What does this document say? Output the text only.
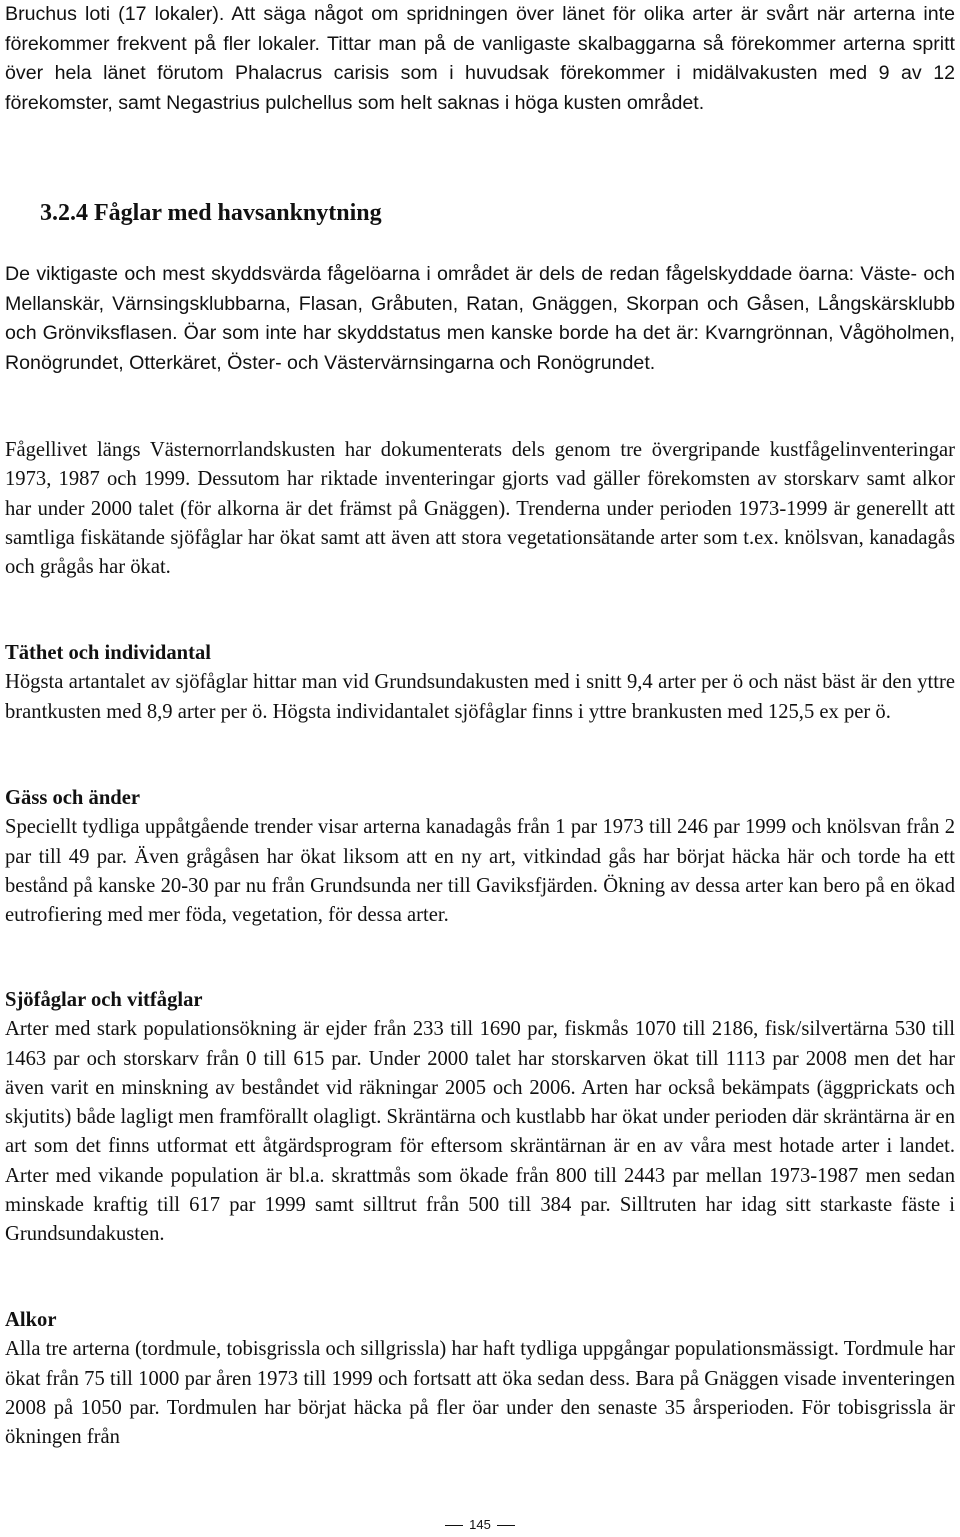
Bruchus loti (17 lokaler). Att säga något om spridningen över länet för olika arter är svårt när arterna inte förekommer frekvent på fler lokaler. Tittar man på de vanligaste skalbaggarna så förekommer arterna spritt över hela länet förutom Phalacrus carisis som i huvudsak förekommer i midälvakusten med 9 av 12 förekomster, samt Negastrius pulchellus som helt saknas i höga kusten området.

3.2.4 Fåglar med havsanknytning

De viktigaste och mest skyddsvärda fågelöarna i området är dels de redan fågelskyddade öarna: Väste- och Mellanskär, Värnsingsklubbarna, Flasan, Gråbuten, Ratan, Gnäggen, Skorpan och Gåsen, Långskärsklubb och Grönviksflasen. Öar som inte har skyddstatus men kanske borde ha det är: Kvarngrönnan, Vågöholmen, Ronögrundet, Otterkäret, Öster- och Västervärnsingarna och Ronögrundet.

Fågellivet längs Västernorrlandskusten har dokumenterats dels genom tre övergripande kustfågelinventeringar 1973, 1987 och 1999. Dessutom har riktade inventeringar gjorts vad gäller förekomsten av storskarv samt alkor har under 2000 talet (för alkorna är det främst på Gnäggen). Trenderna under perioden 1973-1999 är generellt att samtliga fiskätande sjöfåglar har ökat samt att även att stora vegetationsätande arter som t.ex. knölsvan, kanadagås och grågås har ökat.

Täthet och individantal

Högsta artantalet av sjöfåglar hittar man vid Grundsundakusten med i snitt 9,4 arter per ö och näst bäst är den yttre brantkusten med 8,9 arter per ö. Högsta individantalet sjöfåglar finns i yttre brankusten med 125,5 ex per ö.

Gäss och änder

Speciellt tydliga uppåtgående trender visar arterna kanadagås från 1 par 1973 till 246 par 1999 och knölsvan från 2 par till 49 par. Även grågåsen har ökat liksom att en ny art, vitkindad gås har börjat häcka här och torde ha ett bestånd på kanske 20-30 par nu från Grundsunda ner till Gaviksfjärden. Ökning av dessa arter kan bero på en ökad eutrofiering med mer föda, vegetation, för dessa arter.

Sjöfåglar och vitfåglar

Arter med stark populationsökning är ejder från 233 till 1690 par, fiskmås 1070 till 2186, fisk/silvertärna 530 till 1463 par och storskarv från 0 till 615 par. Under 2000 talet har storskarven ökat till 1113 par 2008 men det har även varit en minskning av beståndet vid räkningar 2005 och 2006. Arten har också bekämpats (äggprickats och skjutits) både lagligt men framförallt olagligt. Skräntärna och kustlabb har ökat under perioden där skräntärna är en art som det finns utformat ett åtgärdsprogram för eftersom skräntärnan är en av våra mest hotade arter i landet. Arter med vikande population är bl.a. skrattmås som ökade från 800 till 2443 par mellan 1973-1987 men sedan minskade kraftig till 617 par 1999 samt silltrut från 500 till 384 par. Silltruten har idag sitt starkaste fäste i Grundsundakusten.

Alkor

Alla tre arterna (tordmule, tobisgrissla och sillgrissla) har haft tydliga uppgångar populationsmässigt. Tordmule har ökat från 75 till 1000 par åren 1973 till 1999 och fortsatt att öka sedan dess. Bara på Gnäggen visade inventeringen 2008 på 1050 par. Tordmulen har börjat häcka på fler öar under den senaste 35 årsperioden. För tobisgrissla är ökningen från

145
